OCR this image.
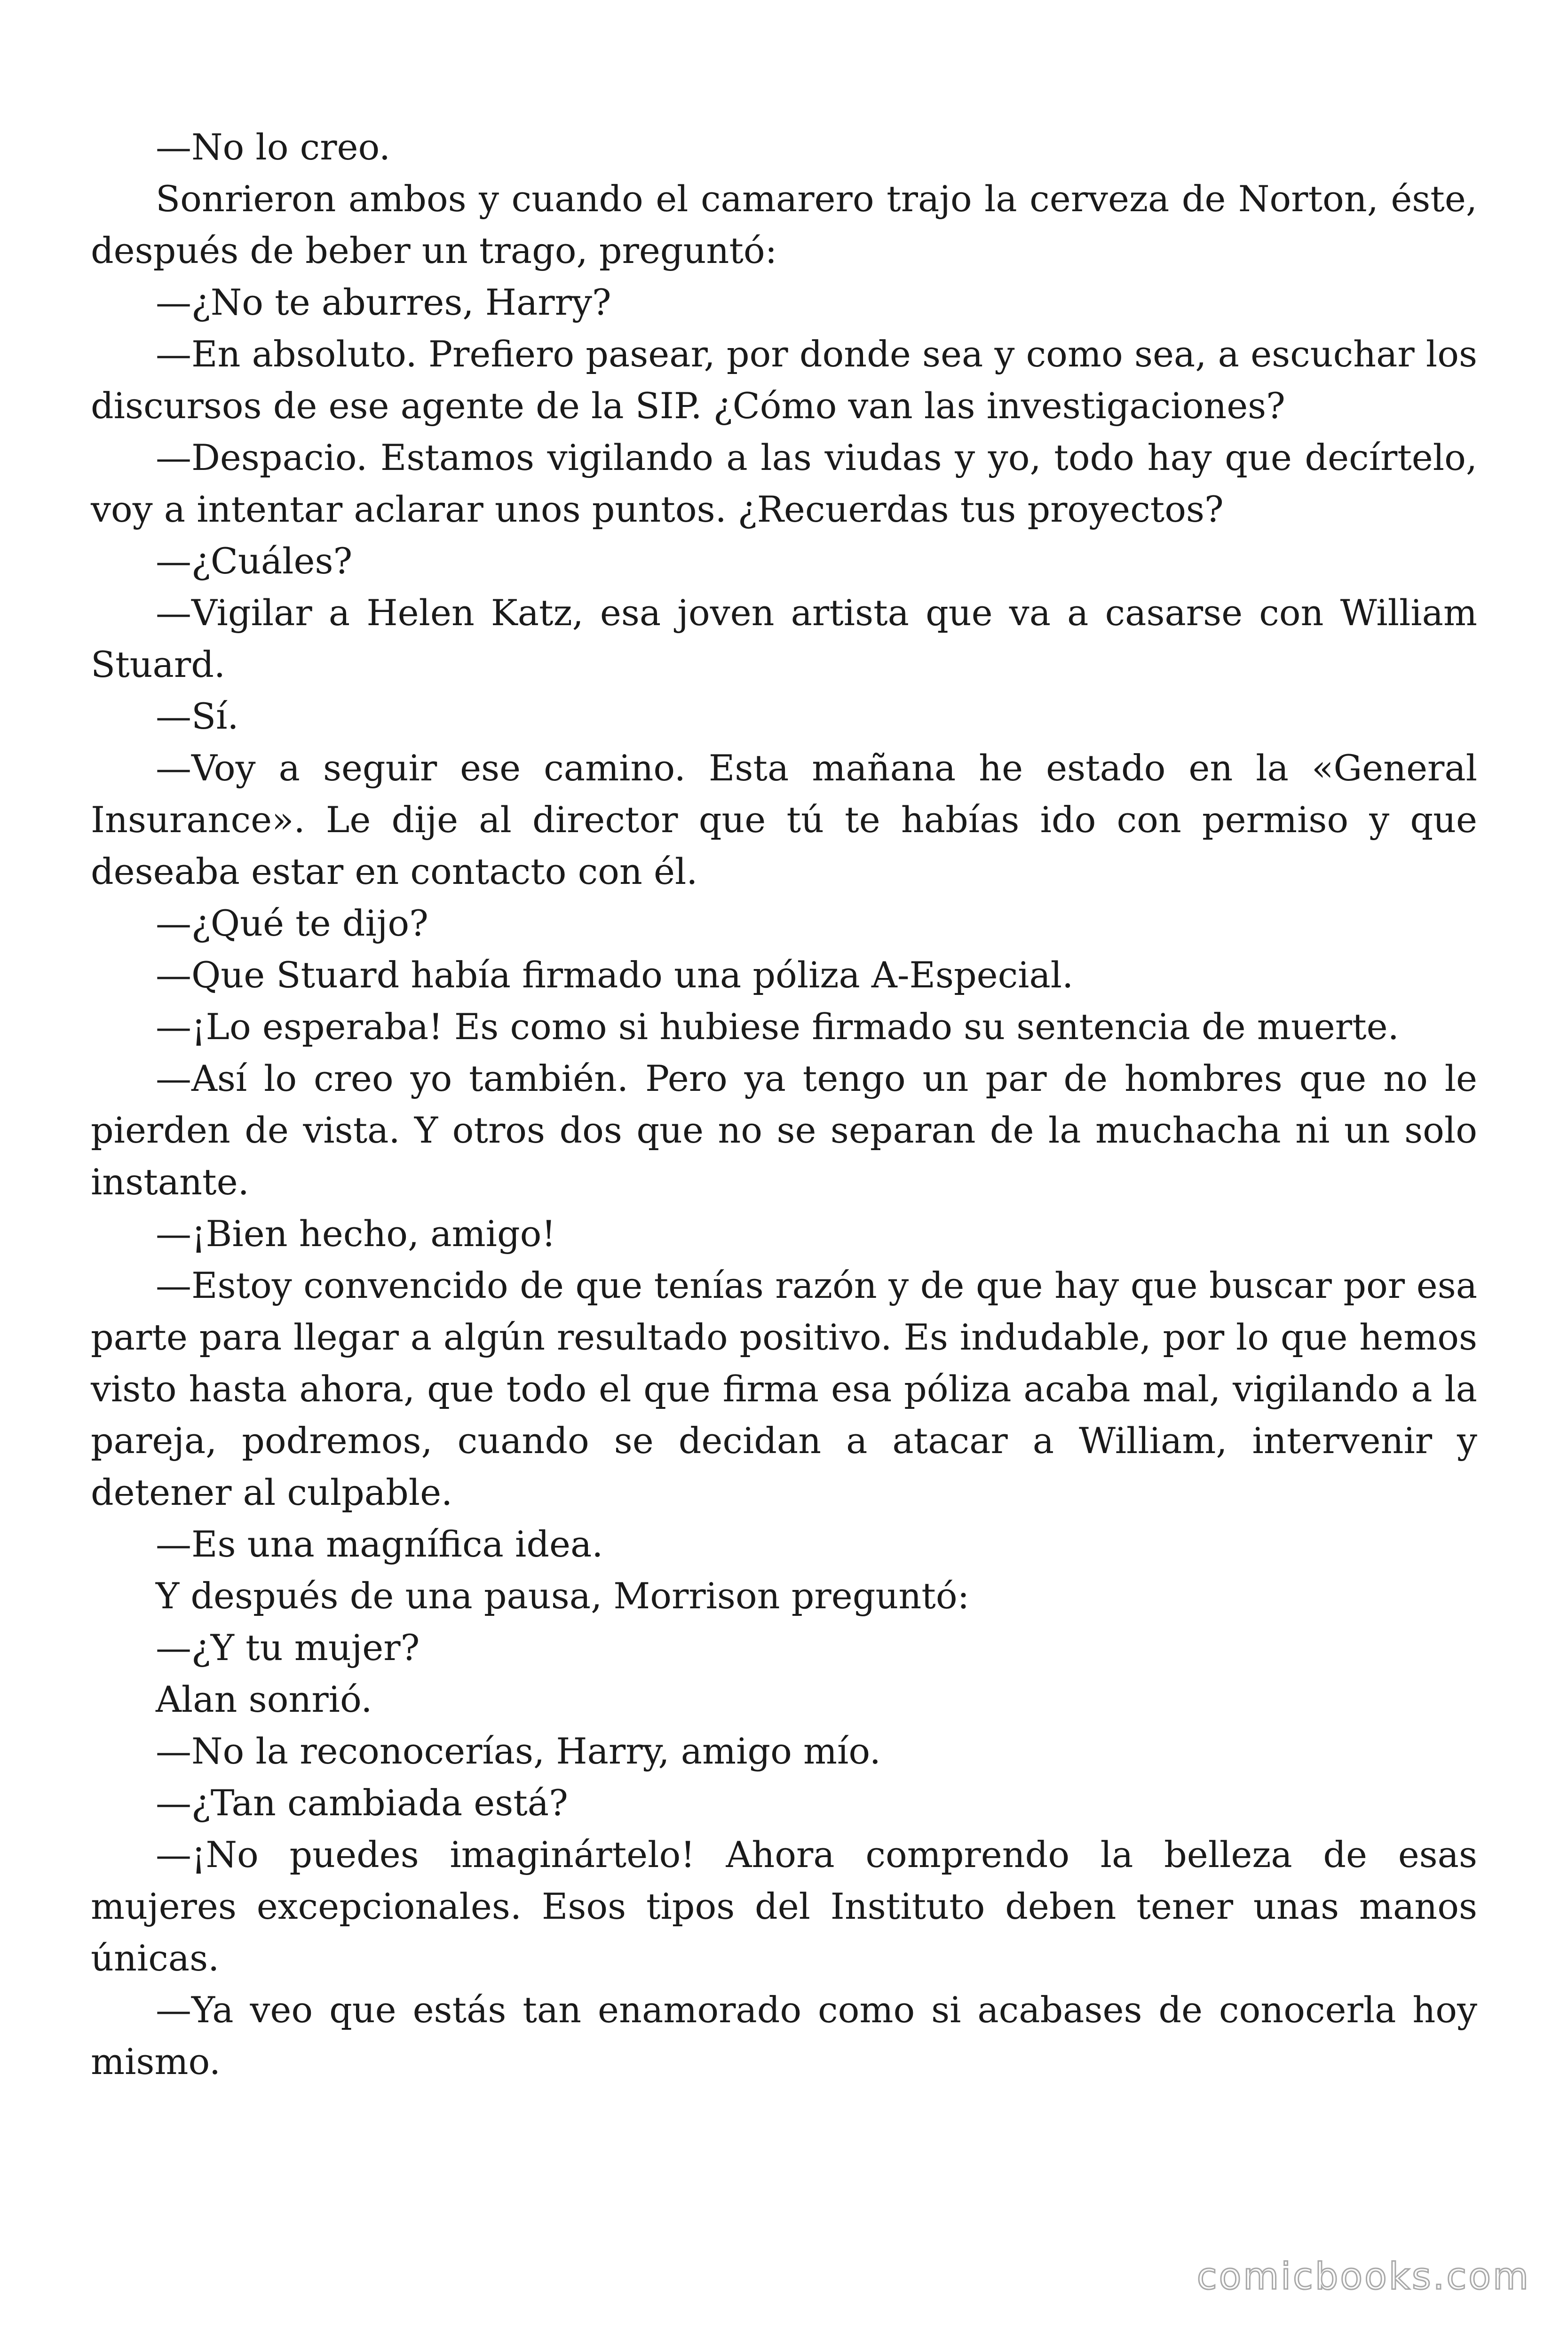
—No lo creo.

Sonrieron ambos y cuando el camarero trajo la cerveza de Norton, éste, después de beber un trago, preguntó:

—¿No te aburres, Harry?

—En absoluto. Prefiero pasear, por donde sea y como sea, a escuchar los discursos de ese agente de la SIP. ¿Cómo van las investigaciones?

—Despacio. Estamos vigilando a las viudas y yo, todo hay que decírtelo, voy a intentar aclarar unos puntos. ¿Recuerdas tus proyectos?

—¿Cuáles?

—Vigilar a Helen Katz, esa joven artista que va a casarse con William Stuard.

—Sí.

—Voy a seguir ese camino. Esta mañana he estado en la «General Insurance». Le dije al director que tú te habías ido con permiso y que deseaba estar en contacto con él.

—¿Qué te dijo?

—Que Stuard había firmado una póliza A-Especial.

—¡Lo esperaba! Es como si hubiese firmado su sentencia de muerte.

—Así lo creo yo también. Pero ya tengo un par de hombres que no le pierden de vista. Y otros dos que no se separan de la muchacha ni un solo instante.

—¡Bien hecho, amigo!

—Estoy convencido de que tenías razón y de que hay que buscar por esa parte para llegar a algún resultado positivo. Es indudable, por lo que hemos visto hasta ahora, que todo el que firma esa póliza acaba mal, vigilando a la pareja, podremos, cuando se decidan a atacar a William, intervenir y detener al culpable.

—Es una magnífica idea.

Y después de una pausa, Morrison preguntó:

—¿Y tu mujer?

Alan sonrió.

—No la reconocerías, Harry, amigo mío.

—¿Tan cambiada está?

—¡No puedes imaginártelo! Ahora comprendo la belleza de esas mujeres excepcionales. Esos tipos del Instituto deben tener unas manos únicas.

—Ya veo que estás tan enamorado como si acabases de conocerla hoy mismo.

comicbooks.com
